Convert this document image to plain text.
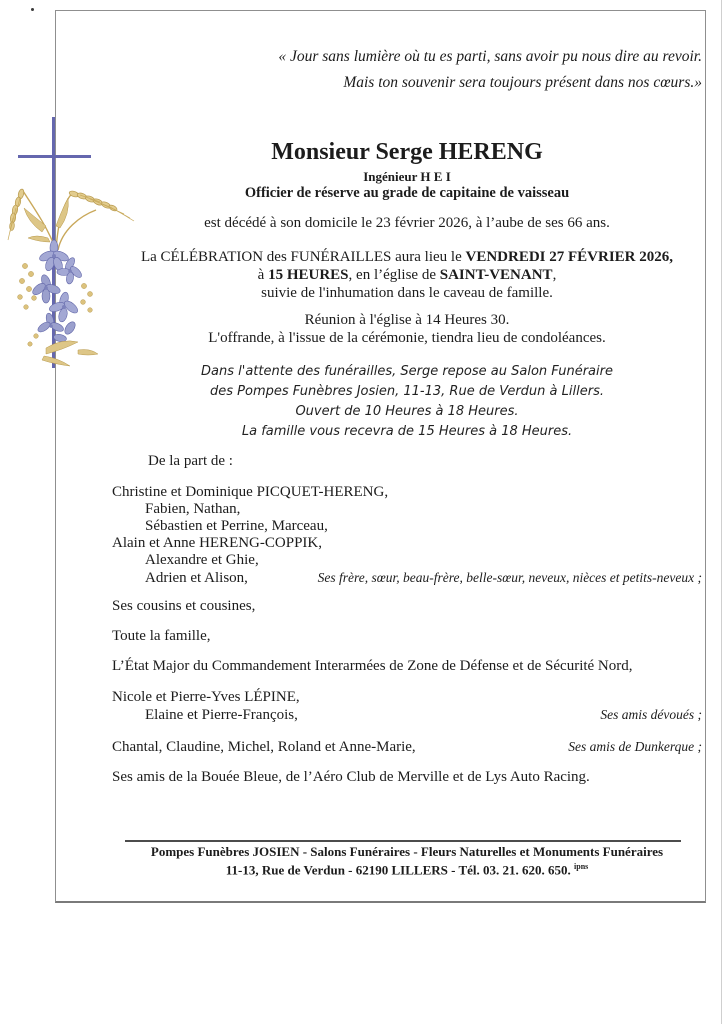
« Jour sans lumière où tu es parti, sans avoir pu nous dire au revoir.
Mais ton souvenir sera toujours présent dans nos cœurs.»
Monsieur Serge HERENG
Ingénieur H E I
Officier de réserve au grade de capitaine de vaisseau
est décédé à son domicile le 23 février 2026, à l’aube de ses 66 ans.
La CÉLÉBRATION des FUNÉRAILLES aura lieu le VENDREDI 27 FÉVRIER 2026,
à 15 HEURES, en l’église de SAINT-VENANT,
suivie de l'inhumation dans le caveau de famille.
Réunion à l'église à 14 Heures 30.
L'offrande, à l'issue de la cérémonie, tiendra lieu de condoléances.
Dans l'attente des funérailles, Serge repose au Salon Funéraire
des Pompes Funèbres Josien, 11-13, Rue de Verdun à Lillers.
Ouvert de 10 Heures à 18 Heures.
La famille vous recevra de 15 Heures à 18 Heures.
De la part de :
Christine et Dominique PICQUET-HERENG,
Fabien, Nathan,
Sébastien et Perrine, Marceau,
Alain et Anne HERENG-COPPIK,
Alexandre et Ghie,
Adrien et Alison,	Ses frère, sœur, beau-frère, belle-sœur, neveux, nièces et petits-neveux ;
Ses cousins et cousines,
Toute la famille,
L’État Major du Commandement Interarmées de Zone de Défense et de Sécurité Nord,
Nicole et Pierre-Yves LÉPINE,
Elaine et Pierre-François,	Ses amis dévoués ;
Chantal, Claudine, Michel, Roland et Anne-Marie,	Ses amis de Dunkerque ;
Ses amis de la Bouée Bleue, de l’Aéro Club de Merville et de Lys Auto Racing.
Pompes Funèbres JOSIEN - Salons Funéraires - Fleurs Naturelles et Monuments Funéraires
11-13, Rue de Verdun - 62190 LILLERS - Tél. 03. 21. 620. 650. $^{ipns}$
